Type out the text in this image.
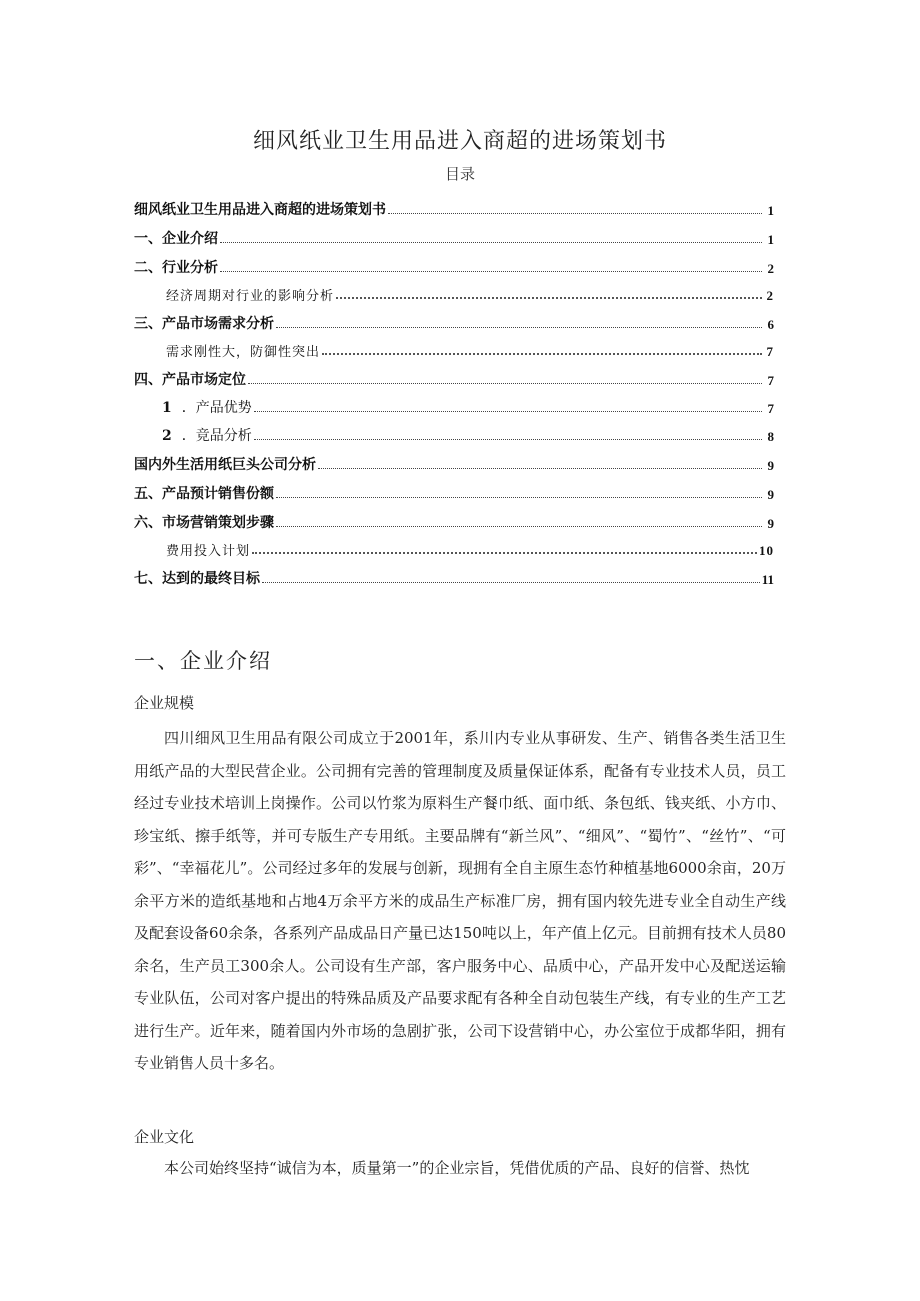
细风纸业卫生用品进入商超的进场策划书
目录
细风纸业卫生用品进入商超的进场策划书	1
一、企业介绍	1
二、行业分析	2
经济周期对行业的影响分析	2
三、产品市场需求分析	6
需求刚性大，防御性突出	7
四、产品市场定位	7
1 ．产品优势	7
2 ．竞品分析	8
国内外生活用纸巨头公司分析	9
五、产品预计销售份额	9
六、市场营销策划步骤	9
费用投入计划	10
七、达到的最终目标	11
一、企业介绍
企业规模
四川细风卫生用品有限公司成立于2001年，系川内专业从事研发、生产、销售各类生活卫生用纸产品的大型民营企业。公司拥有完善的管理制度及质量保证体系，配备有专业技术人员，员工经过专业技术培训上岗操作。公司以竹浆为原料生产餐巾纸、面巾纸、条包纸、钱夹纸、小方巾、珍宝纸、擦手纸等，并可专版生产专用纸。主要品牌有“新兰风”、“细风”、“蜀竹”、“丝竹”、“可彩”、“幸福花儿”。公司经过多年的发展与创新，现拥有全自主原生态竹种植基地6000余亩，20万余平方米的造纸基地和占地4万余平方米的成品生产标准厂房，拥有国内较先进专业全自动生产线及配套设备60余条，各系列产品成品日产量已达150吨以上，年产值上亿元。目前拥有技术人员80余名，生产员工300余人。公司设有生产部，客户服务中心、品质中心，产品开发中心及配送运输专业队伍，公司对客户提出的特殊品质及产品要求配有各种全自动包装生产线，有专业的生产工艺进行生产。近年来，随着国内外市场的急剧扩张，公司下设营销中心，办公室位于成都华阳，拥有专业销售人员十多名。
企业文化
本公司始终坚持“诚信为本，质量第一”的企业宗旨，凭借优质的产品、良好的信誉、热忱
